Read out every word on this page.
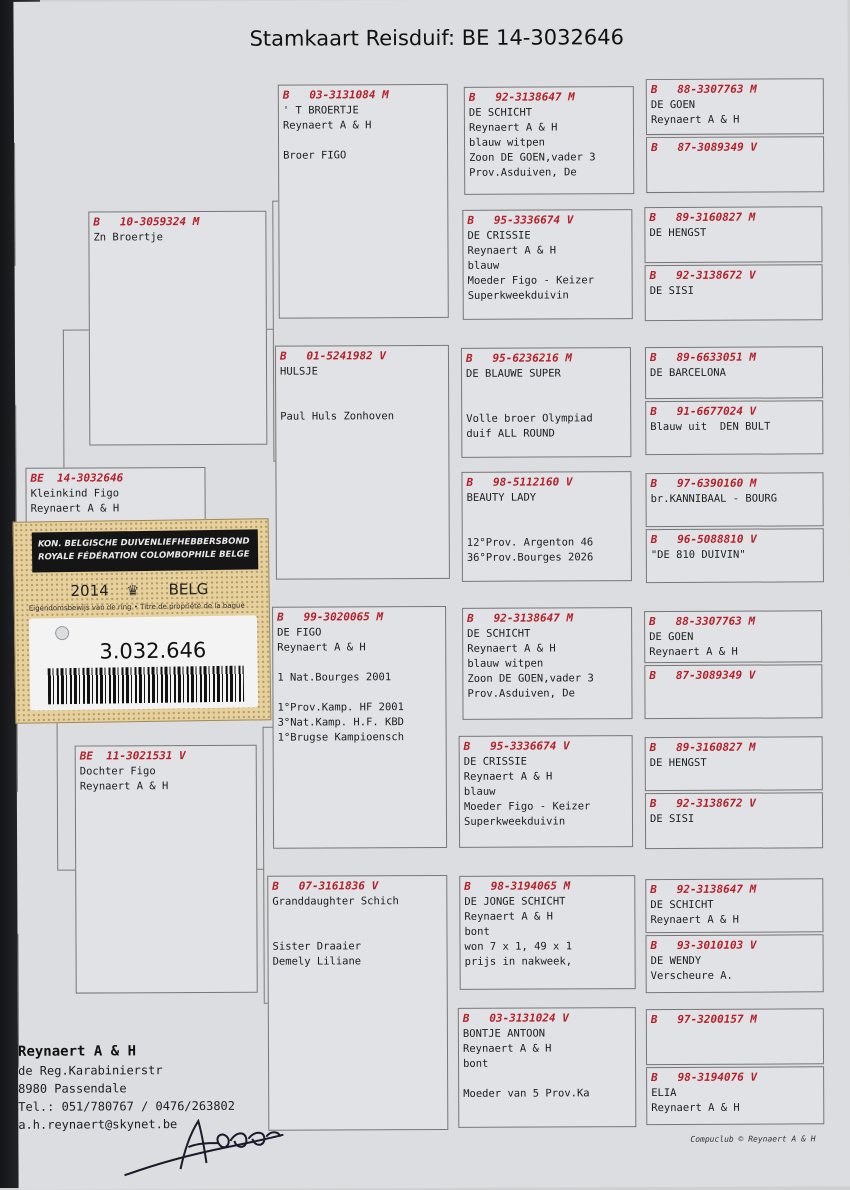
Stamkaart Reisduif: BE 14-3032646
BE  14-3032646
Kleinkind Figo
Reynaert A & H
B   10-3059324 M
Zn Broertje
BE  11-3021531 V
Dochter Figo
Reynaert A & H
B   03-3131084 M
' T BROERTJE
Reynaert A & H
Broer FIGO
B   01-5241982 V
HULSJE
Paul Huls Zonhoven
B   99-3020065 M
DE FIGO
Reynaert A & H
1 Nat.Bourges 2001
1°Prov.Kamp. HF 2001
3°Nat.Kamp. H.F. KBD
1°Brugse Kampioensch
B   07-3161836 V
Granddaughter Schich
Sister Draaier
Demely Liliane
B   92-3138647 M
DE SCHICHT
Reynaert A & H
blauw witpen
Zoon DE GOEN,vader 3
Prov.Asduiven, De
B   95-3336674 V
DE CRISSIE
Reynaert A & H
blauw
Moeder Figo - Keizer
Superkweekduivin
B   95-6236216 M
DE BLAUWE SUPER
Volle broer Olympiad
duif ALL ROUND
B   98-5112160 V
BEAUTY LADY
12°Prov. Argenton 46
36°Prov.Bourges 2026
B   92-3138647 M
DE SCHICHT
Reynaert A & H
blauw witpen
Zoon DE GOEN,vader 3
Prov.Asduiven, De
B   95-3336674 V
DE CRISSIE
Reynaert A & H
blauw
Moeder Figo - Keizer
Superkweekduivin
B   98-3194065 M
DE JONGE SCHICHT
Reynaert A & H
bont
won 7 x 1, 49 x 1
prijs in nakweek,
B   03-3131024 V
BONTJE ANTOON
Reynaert A & H
bont
Moeder van 5 Prov.Ka
B   88-3307763 M
DE GOEN
Reynaert A & H
B   87-3089349 V
B   89-3160827 M
DE HENGST
B   92-3138672 V
DE SISI
B   89-6633051 M
DE BARCELONA
B   91-6677024 V
Blauw uit  DEN BULT
B   97-6390160 M
br.KANNIBAAL - BOURG
B   96-5088810 V
"DE 810 DUIVIN"
B   88-3307763 M
DE GOEN
Reynaert A & H
B   87-3089349 V
B   89-3160827 M
DE HENGST
B   92-3138672 V
DE SISI
B   92-3138647 M
DE SCHICHT
Reynaert A & H
B   93-3010103 V
DE WENDY
Verscheure A.
B   97-3200157 M
B   98-3194076 V
ELIA
Reynaert A & H
Reynaert A & H
de Reg.Karabinierstr
8980 Passendale
Tel.: 051/780767 / 0476/263802
a.h.reynaert@skynet.be
Compuclub © Reynaert A & H
KON. BELGISCHE DUIVENLIEFHEBBERSBOND
ROYALE FÉDÉRATION COLOMBOPHILE BELGE
2014 ♛ BELG
Eigendomsbewijs van de ring • Titre de propriété de la bague
3.032.646
